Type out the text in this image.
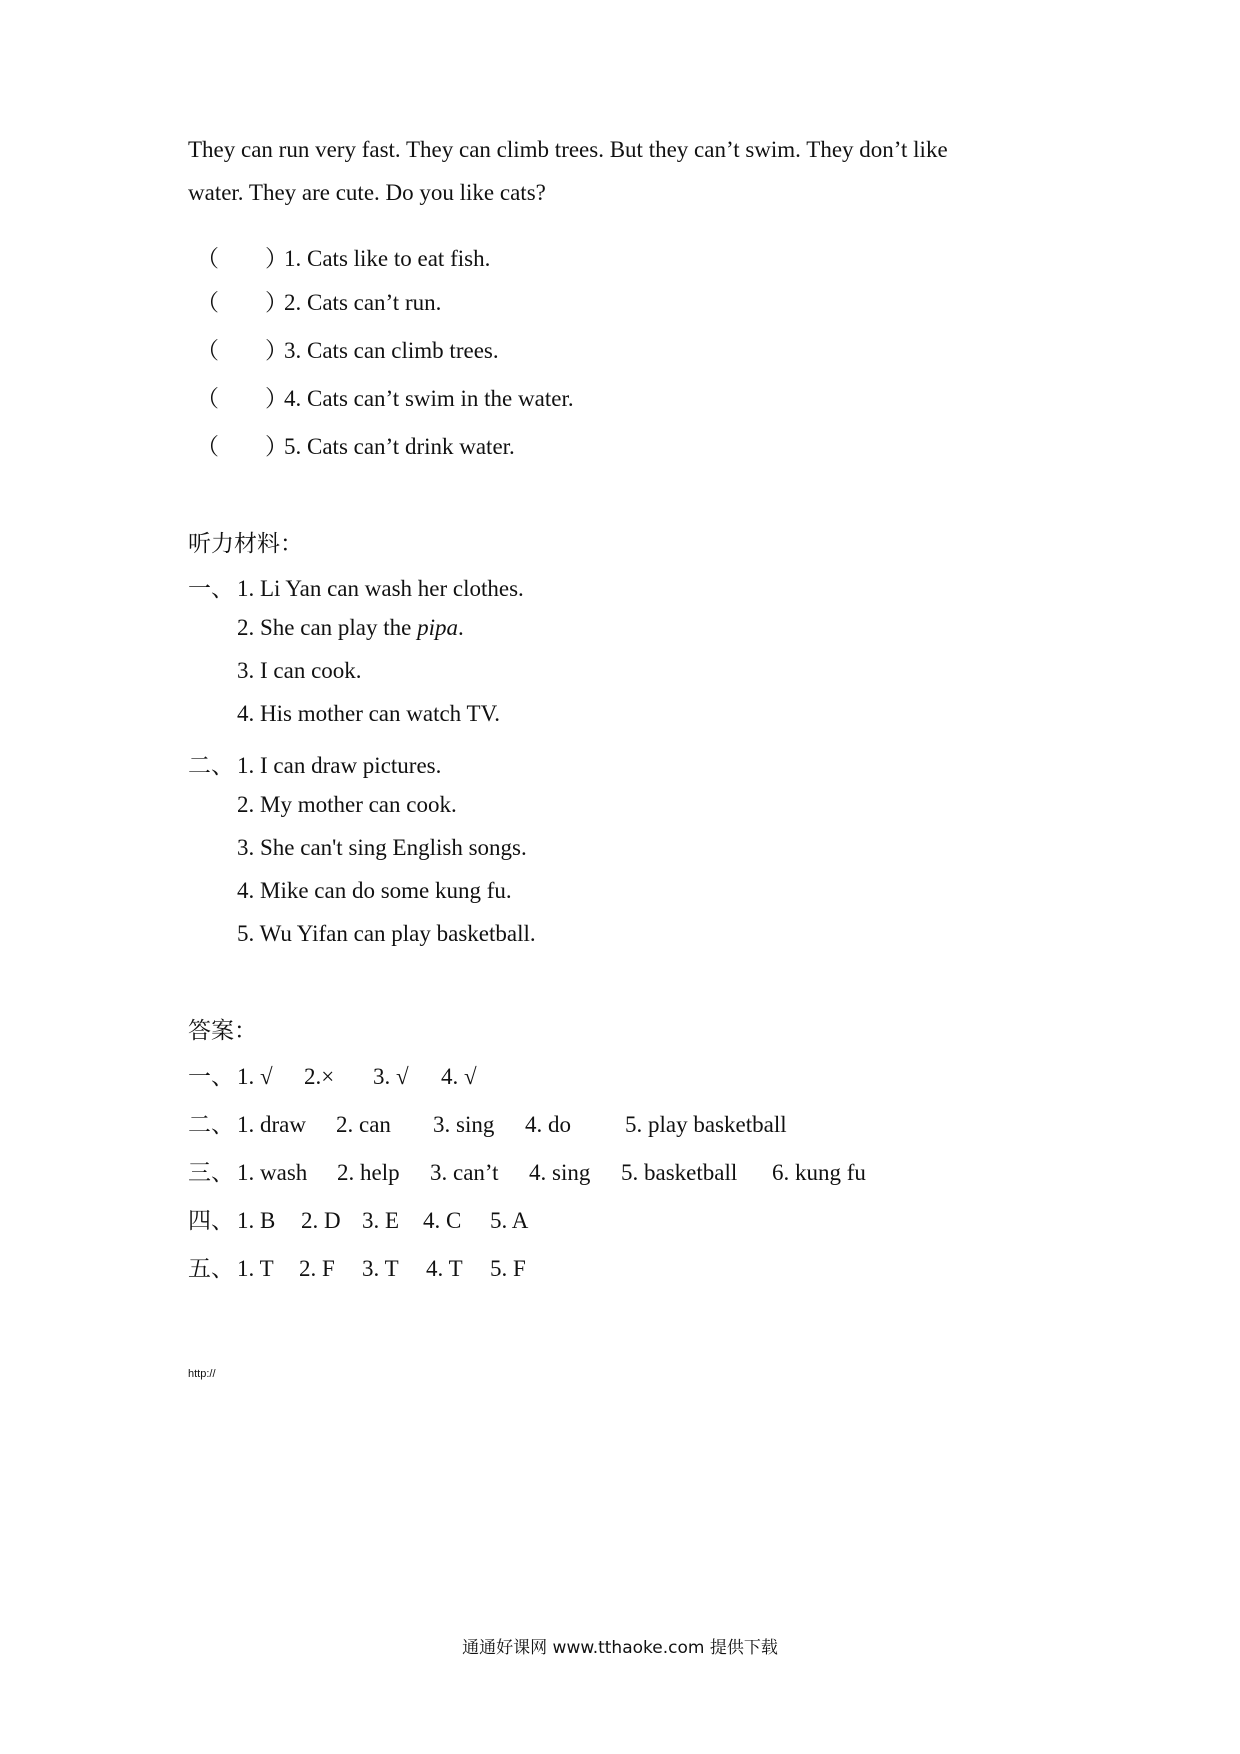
They can run very fast. They can climb trees. But they can’t swim. They don’t like
water. They are cute. Do you like cats?
（　　）1. Cats like to eat fish.
（　　）2. Cats can’t run.
（　　）3. Cats can climb trees.
（　　）4. Cats can’t swim in the water.
（　　）5. Cats can’t drink water.
听力材料：
一、 1. Li Yan can wash her clothes.
2. She can play the pipa.
3. I can cook.
4. His mother can watch TV.
二、 1. I can draw pictures.
2. My mother can cook.
3. She can't sing English songs.
4. Mike can do some kung fu.
5. Wu Yifan can play basketball.
答案：
一、 1. √ 2.× 3. √ 4. √
二、 1. draw 2. can 3. sing 4. do 5. play basketball
三、 1. wash 2. help 3. can’t 4. sing 5. basketball 6. kung fu
四、 1. B 2. D 3. E 4. C 5. A
五、 1. T 2. F 3. T 4. T 5. F
http://
通通好课网 www.tthaoke.com 提供下载
